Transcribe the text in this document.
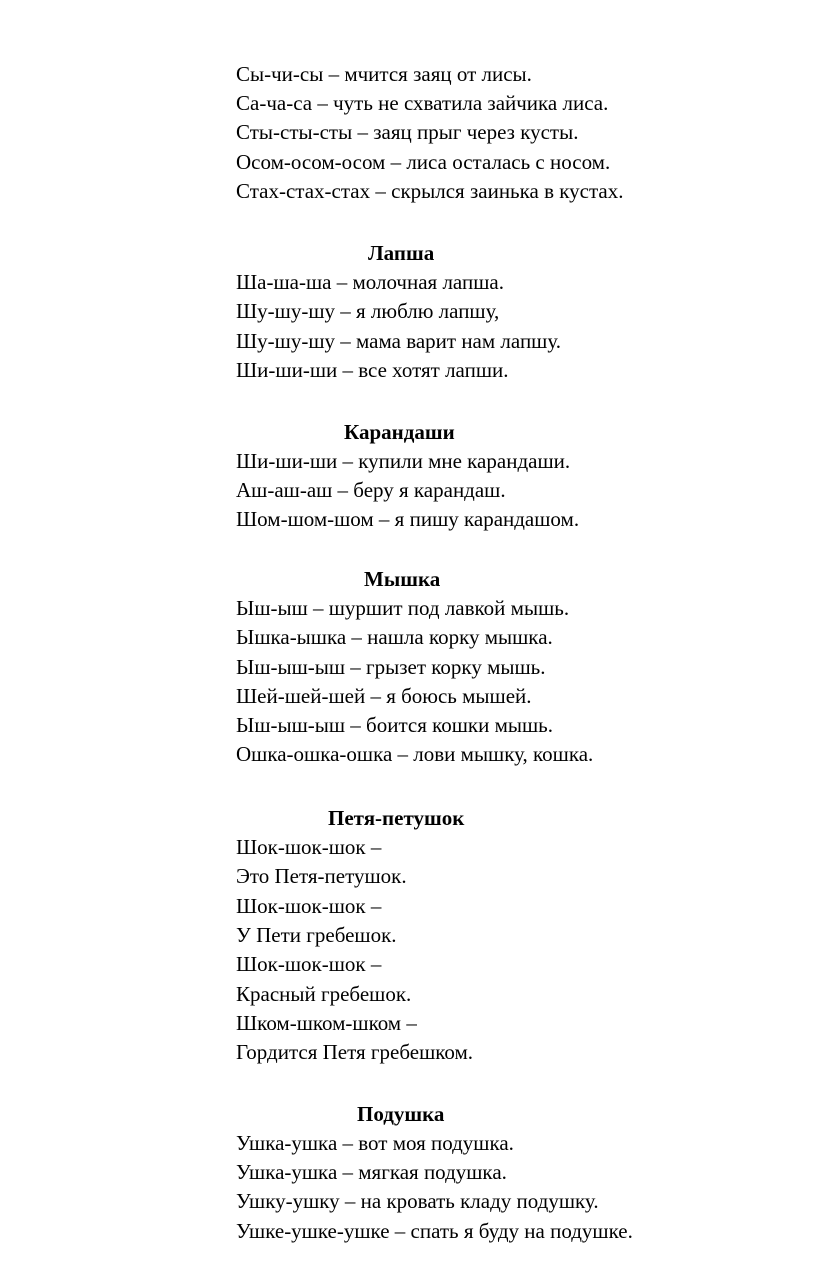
Сы-чи-сы – мчится заяц от лисы.
Са-ча-са – чуть не схватила зайчика лиса.
Сты-сты-сты – заяц прыг через кусты.
Осом-осом-осом – лиса осталась с носом.
Стах-стах-стах – скрылся заинька в кустах.
Лапша
Ша-ша-ша – молочная лапша.
Шу-шу-шу – я люблю лапшу,
Шу-шу-шу – мама варит нам лапшу.
Ши-ши-ши – все хотят лапши.
Карандаши
Ши-ши-ши – купили мне карандаши.
Аш-аш-аш – беру я карандаш.
Шом-шом-шом – я пишу карандашом.
Мышка
Ыш-ыш – шуршит под лавкой мышь.
Ышка-ышка – нашла корку мышка.
Ыш-ыш-ыш – грызет корку мышь.
Шей-шей-шей – я боюсь мышей.
Ыш-ыш-ыш – боится кошки мышь.
Ошка-ошка-ошка – лови мышку, кошка.
Петя-петушок
Шок-шок-шок –
Это Петя-петушок.
Шок-шок-шок –
У Пети гребешок.
Шок-шок-шок –
Красный гребешок.
Шком-шком-шком –
Гордится Петя гребешком.
Подушка
Ушка-ушка – вот моя подушка.
Ушка-ушка – мягкая подушка.
Ушку-ушку – на кровать кладу подушку.
Ушке-ушке-ушке – спать я буду на подушке.
